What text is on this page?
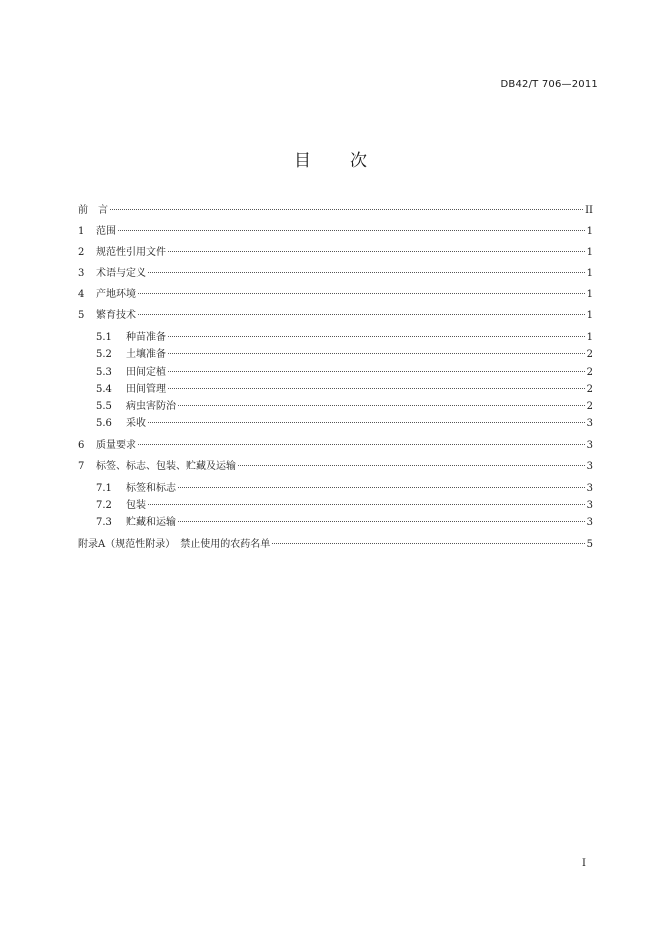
DB42/T 706—2011
目 次
前　言	II
1	范围	1
2	规范性引用文件	1
3	术语与定义	1
4	产地环境	1
5	繁育技术	1
5.1	种苗准备	1
5.2	土壤准备	2
5.3	田间定植	2
5.4	田间管理	2
5.5	病虫害防治	2
5.6	采收	3
6	质量要求	3
7	标签、标志、包装、贮藏及运输	3
7.1	标签和标志	3
7.2	包装	3
7.3	贮藏和运输	3
附录A（规范性附录）　禁止使用的农药名单	5
I
